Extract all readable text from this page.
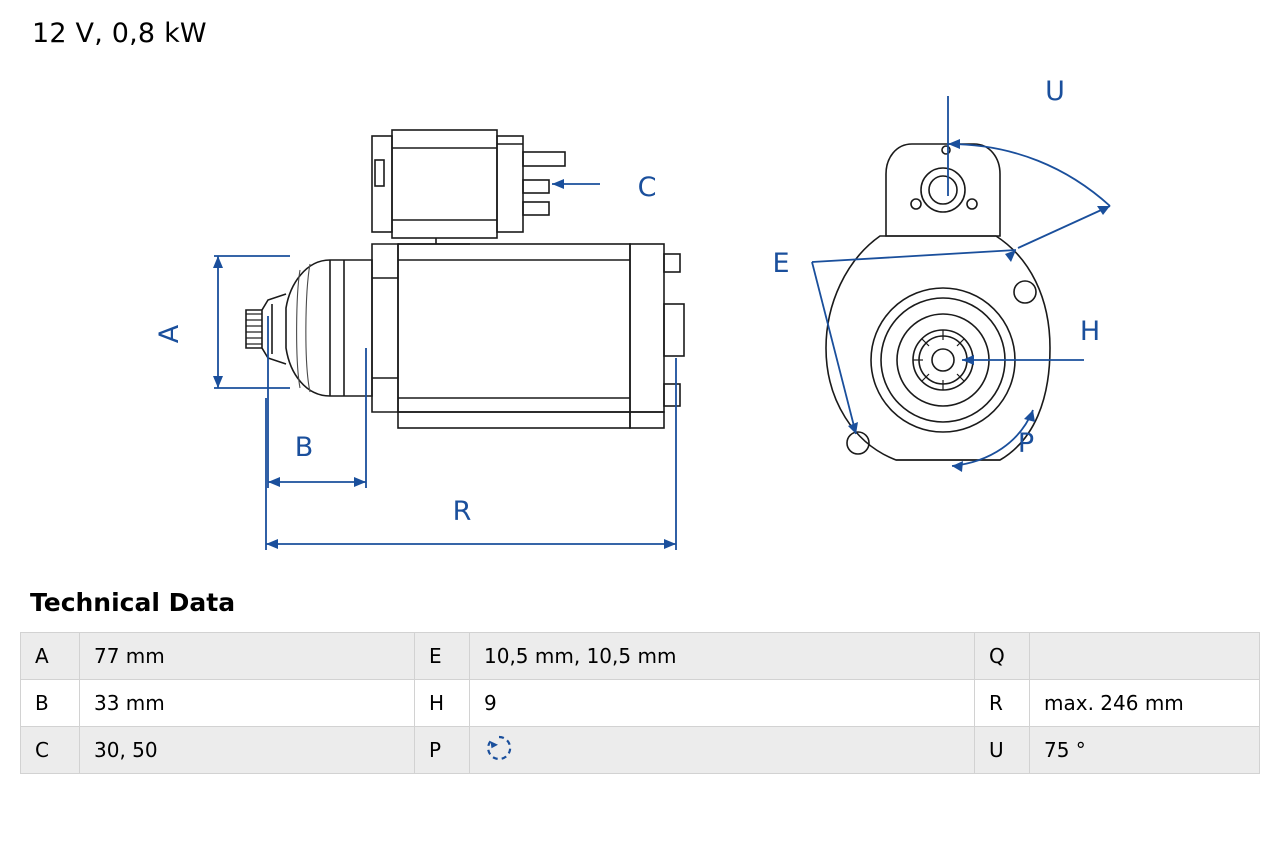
12 V, 0,8 kW
A
B
C
R
E
H
U
P
Technical Data
A	77 mm	E	10,5 mm, 10,5 mm	Q	
B	33 mm	H	9	R	max. 246 mm
C	30, 50	P		U	75 °
